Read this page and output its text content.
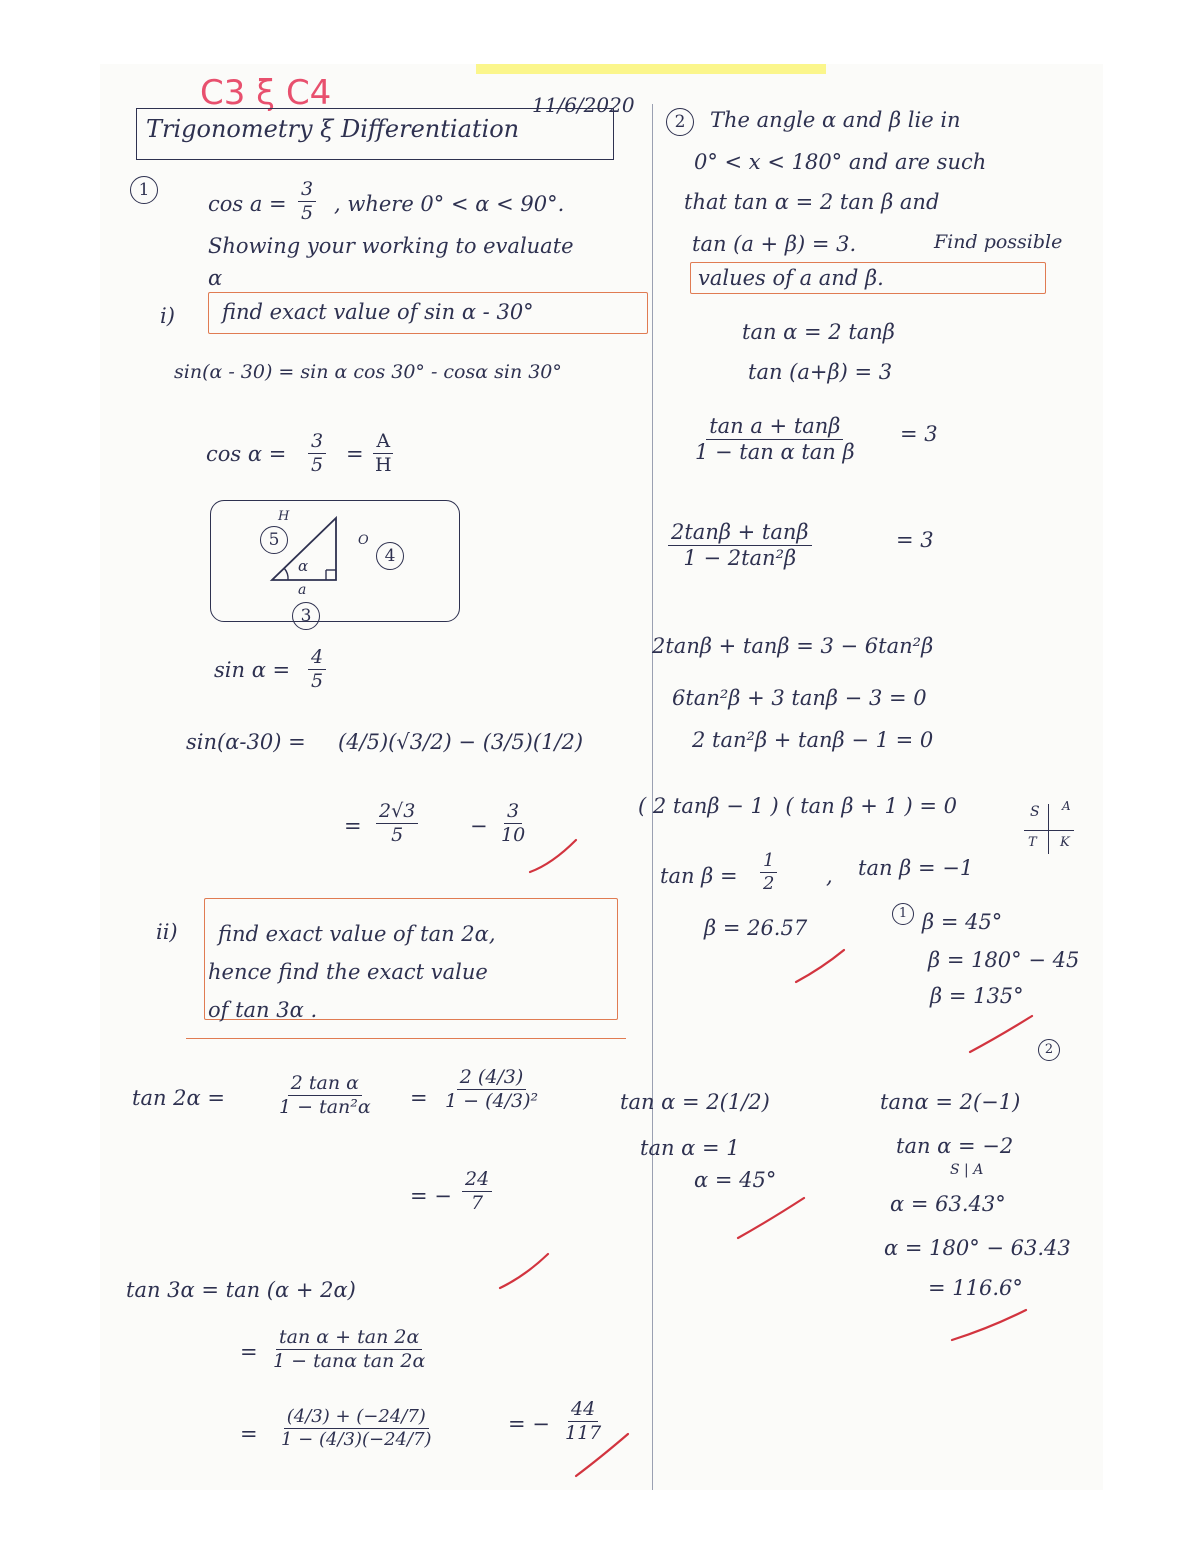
C3 ξ C4	11/6/2020
Trigonometry ξ Differentiation
1
$\cos a = \frac{3}{5}$ , where 0° < α < 90°.
Showing your working to evaluate
α
i) find exact value of sin α - 30°
sin(α - 30) = sin α cos 30° - cosα sin 30°
$\cos \alpha = \frac{3}{5} = \frac{A}{H}$
H
5	O
4
α
a
3
$\sin \alpha = \frac{4}{5}$
sin(α-30) = (4/5)(√3/2) − (3/5)(1/2)
= $\frac{2√3}{5} - \frac{3}{10}$
ii) find exact value of tan 2α,
hence find the exact value
of tan 3α .
tan 2α =	$\frac{\text{2 tan α}}{\text{1 − tan²α}} = \frac{2 (4/3)}{\text{1 − (4/3)²}}$
= − $\frac{24}{7}$
tan 3α = tan (α + 2α)
= $\frac{\text{tan α + tan 2α}}{\text{1 − tanα tan 2α}}$
= $\frac{(4/3) + (-24/7)}{1 - (4/3)(-24/7)}$	= − $\frac{44}{117}$
2	The angle α and β lie in
0° < x < 180° and are such
that tan α = 2 tan β and
tan (a + β) = 3.	Find possible
values of a and β.
tan α = 2 tanβ
tan (a+β) = 3
$\frac{\text{tan a + tanβ}}{\text{1 − tan α tan β}} = 3$
$\frac{2\tan\beta + \tan\beta}{\text{1 − 2tan²β}}$	= 3
2tanβ + tanβ = 3 − 6tan²β
6tan²β + 3 tanβ − 3 = 0
2 tan²β + tanβ − 1 = 0
( 2 tanβ − 1 ) ( tan β + 1 ) = 0	S A
T K
$\tan \beta = \frac{1}{2}$ , tan β = −1
β = 26.57
1 β = 45°
β = 180° − 45
β = 135°
2
tan α = 2(1/2)
tan α = 1
α = 45°
tanα = 2(−1)
tan α = −2
S | A
α = 63.43°
α = 180° − 63.43
= 116.6°
